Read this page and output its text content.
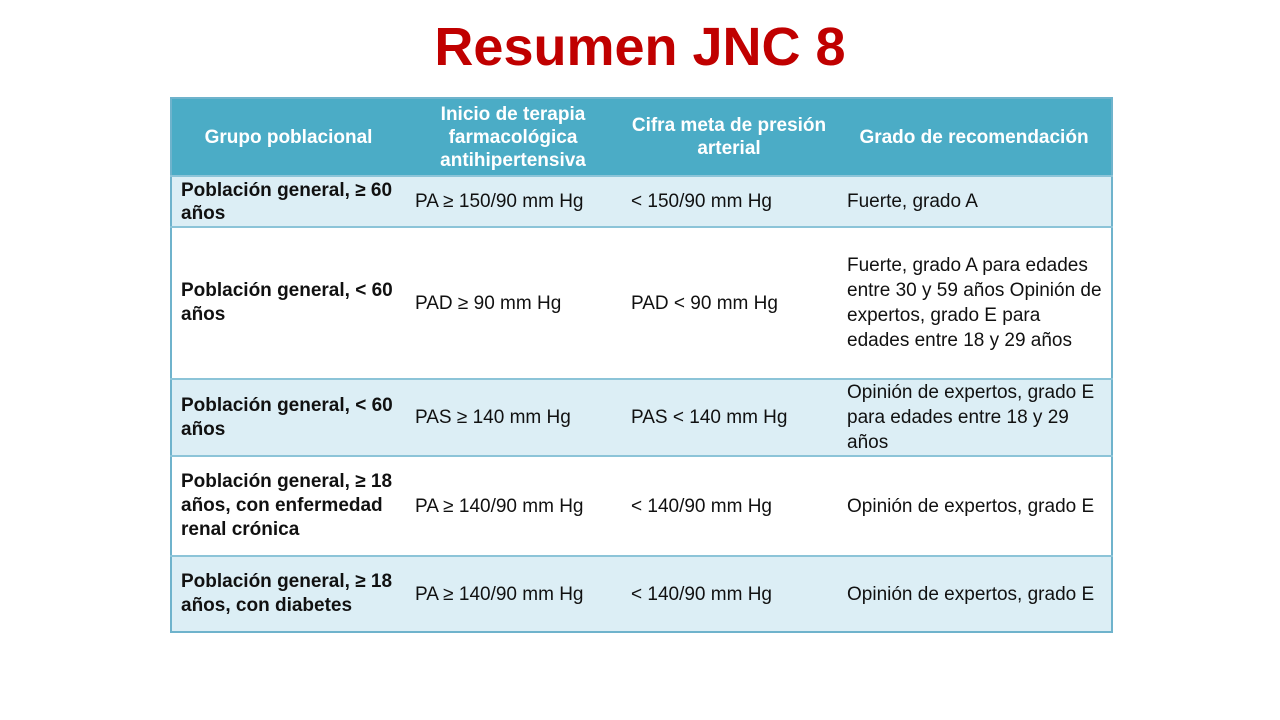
Resumen JNC 8
Grupo poblacional	Inicio de terapia farmacológica antihipertensiva	Cifra meta de presión arterial	Grado de recomendación
Población general, ≥ 60 años	PA ≥ 150/90 mm Hg	< 150/90 mm Hg	Fuerte, grado A
Población general, < 60 años	PAD ≥ 90 mm Hg	PAD < 90 mm Hg	Fuerte, grado A para edades entre 30 y 59 años Opinión de expertos, grado E para edades entre 18 y 29 años
Población general, < 60 años	PAS ≥ 140 mm Hg	PAS < 140 mm Hg	Opinión de expertos, grado E para edades entre 18 y 29 años
Población general, ≥ 18 años, con enfermedad renal crónica	PA ≥ 140/90 mm Hg	< 140/90 mm Hg	Opinión de expertos, grado E
Población general, ≥ 18 años, con diabetes	PA ≥ 140/90 mm Hg	< 140/90 mm Hg	Opinión de expertos, grado E
